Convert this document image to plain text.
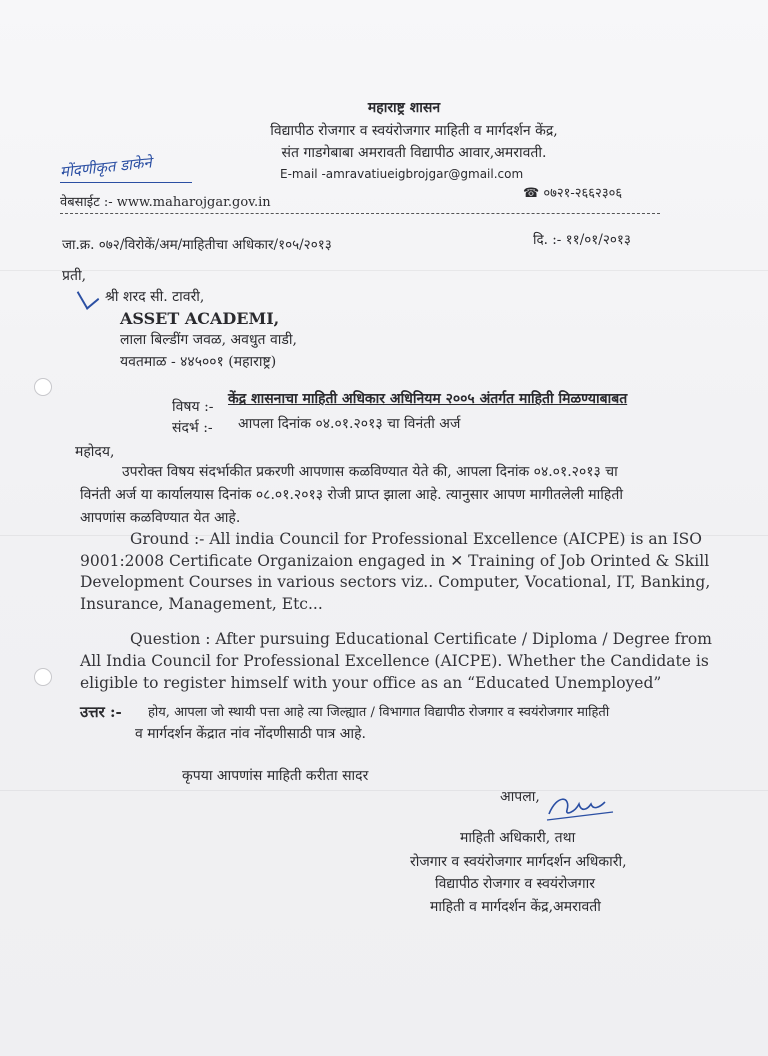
महाराष्ट्र शासन
विद्यापीठ रोजगार व स्वयंरोजगार माहिती व मार्गदर्शन केंद्र,
संत गाडगेबाबा अमरावती विद्यापीठ आवार,अमरावती.
मोंदणीकृत डाकेने	E-mail -amravatiueigbrojgar@gmail.com
☎ ०७२१-२६६२३०६
वेबसाईट :- www.maharojgar.gov.in
जा.क्र. ०७२/विरोकें/अम/माहितीचा अधिकार/१०५/२०१३	दि. :- ११/०१/२०१३
प्रती,
श्री शरद सी. टावरी,
ASSET ACADEMI,
लाला बिल्डींग जवळ, अवधुत वाडी,
यवतमाळ - ४४५००१ (महाराष्ट्र)
विषय :- केंद्र शासनाचा माहिती अधिकार अधिनियम २००५ अंतर्गत माहिती मिळण्याबाबत
संदर्भ :- आपला दिनांक ०४.०१.२०१३ चा विनंती अर्ज
महोदय,
उपरोक्त विषय संदर्भाकीत प्रकरणी आपणास कळविण्यात येते की, आपला दिनांक ०४.०१.२०१३ चा
विनंती अर्ज या कार्यालयास दिनांक ०८.०१.२०१३ रोजी प्राप्त झाला आहे. त्यानुसार आपण मागीतलेली माहिती
आपणांस कळविण्यात येत आहे.
Ground :- All india Council for Professional Excellence (AICPE) is an ISO
9001:2008 Certificate Organizaion engaged in ✕ Training of Job Orinted & Skill
Development Courses in various sectors viz.. Computer, Vocational, IT, Banking,
Insurance, Management, Etc...
Question : After pursuing Educational Certificate / Diploma / Degree from
All India Council for Professional Excellence (AICPE). Whether the Candidate is
eligible to register himself with your office as an “Educated Unemployed”
उत्तर :- होय, आपला जो स्थायी पत्ता आहे त्या जिल्ह्यात / विभागात विद्यापीठ रोजगार व स्वयंरोजगार माहिती
व मार्गदर्शन केंद्रात नांव नोंदणीसाठी पात्र आहे.
कृपया आपणांस माहिती करीता सादर
आपला,
माहिती अधिकारी, तथा
रोजगार व स्वयंरोजगार मार्गदर्शन अधिकारी,
विद्यापीठ रोजगार व स्वयंरोजगार
माहिती व मार्गदर्शन केंद्र,अमरावती
